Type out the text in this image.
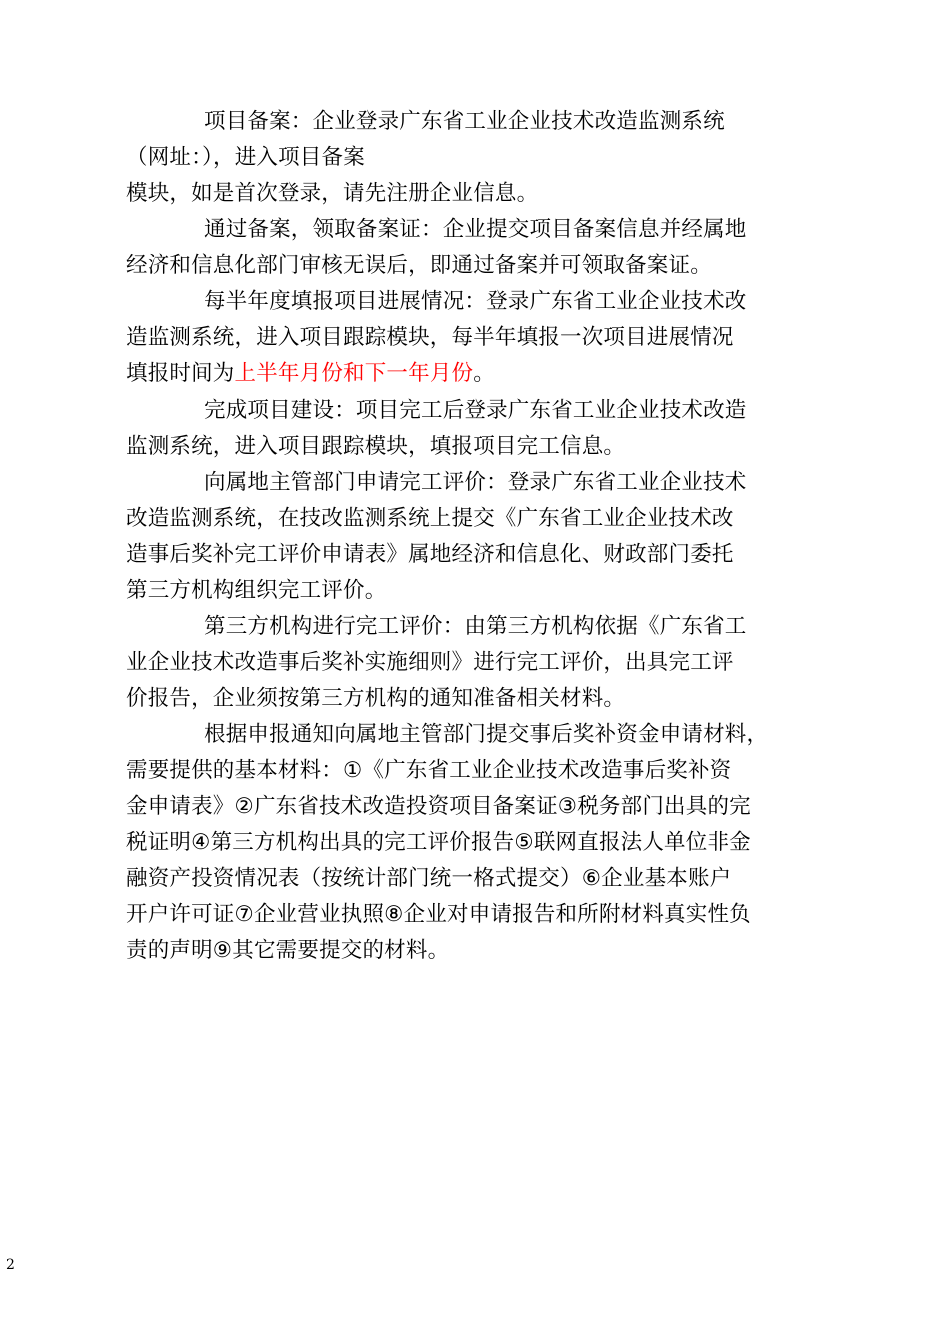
项目备案：企业登录广东省工业企业技术改造监测系统
（网址：），进入项目备案
模块，如是首次登录，请先注册企业信息。
通过备案，领取备案证：企业提交项目备案信息并经属地
经济和信息化部门审核无误后，即通过备案并可领取备案证。
每半年度填报项目进展情况：登录广东省工业企业技术改
造监测系统，进入项目跟踪模块，每半年填报一次项目进展情况
填报时间为上半年月份和下一年月份。
完成项目建设：项目完工后登录广东省工业企业技术改造
监测系统，进入项目跟踪模块，填报项目完工信息。
向属地主管部门申请完工评价：登录广东省工业企业技术
改造监测系统，在技改监测系统上提交《广东省工业企业技术改
造事后奖补完工评价申请表》属地经济和信息化、财政部门委托
第三方机构组织完工评价。
第三方机构进行完工评价：由第三方机构依据《广东省工
业企业技术改造事后奖补实施细则》进行完工评价，出具完工评
价报告，企业须按第三方机构的通知准备相关材料。
根据申报通知向属地主管部门提交事后奖补资金申请材料，
需要提供的基本材料：①《广东省工业企业技术改造事后奖补资
金申请表》②广东省技术改造投资项目备案证③税务部门出具的完
税证明④第三方机构出具的完工评价报告⑤联网直报法人单位非金
融资产投资情况表（按统计部门统一格式提交）⑥企业基本账户
开户许可证⑦企业营业执照⑧企业对申请报告和所附材料真实性负
责的声明⑨其它需要提交的材料。
2
